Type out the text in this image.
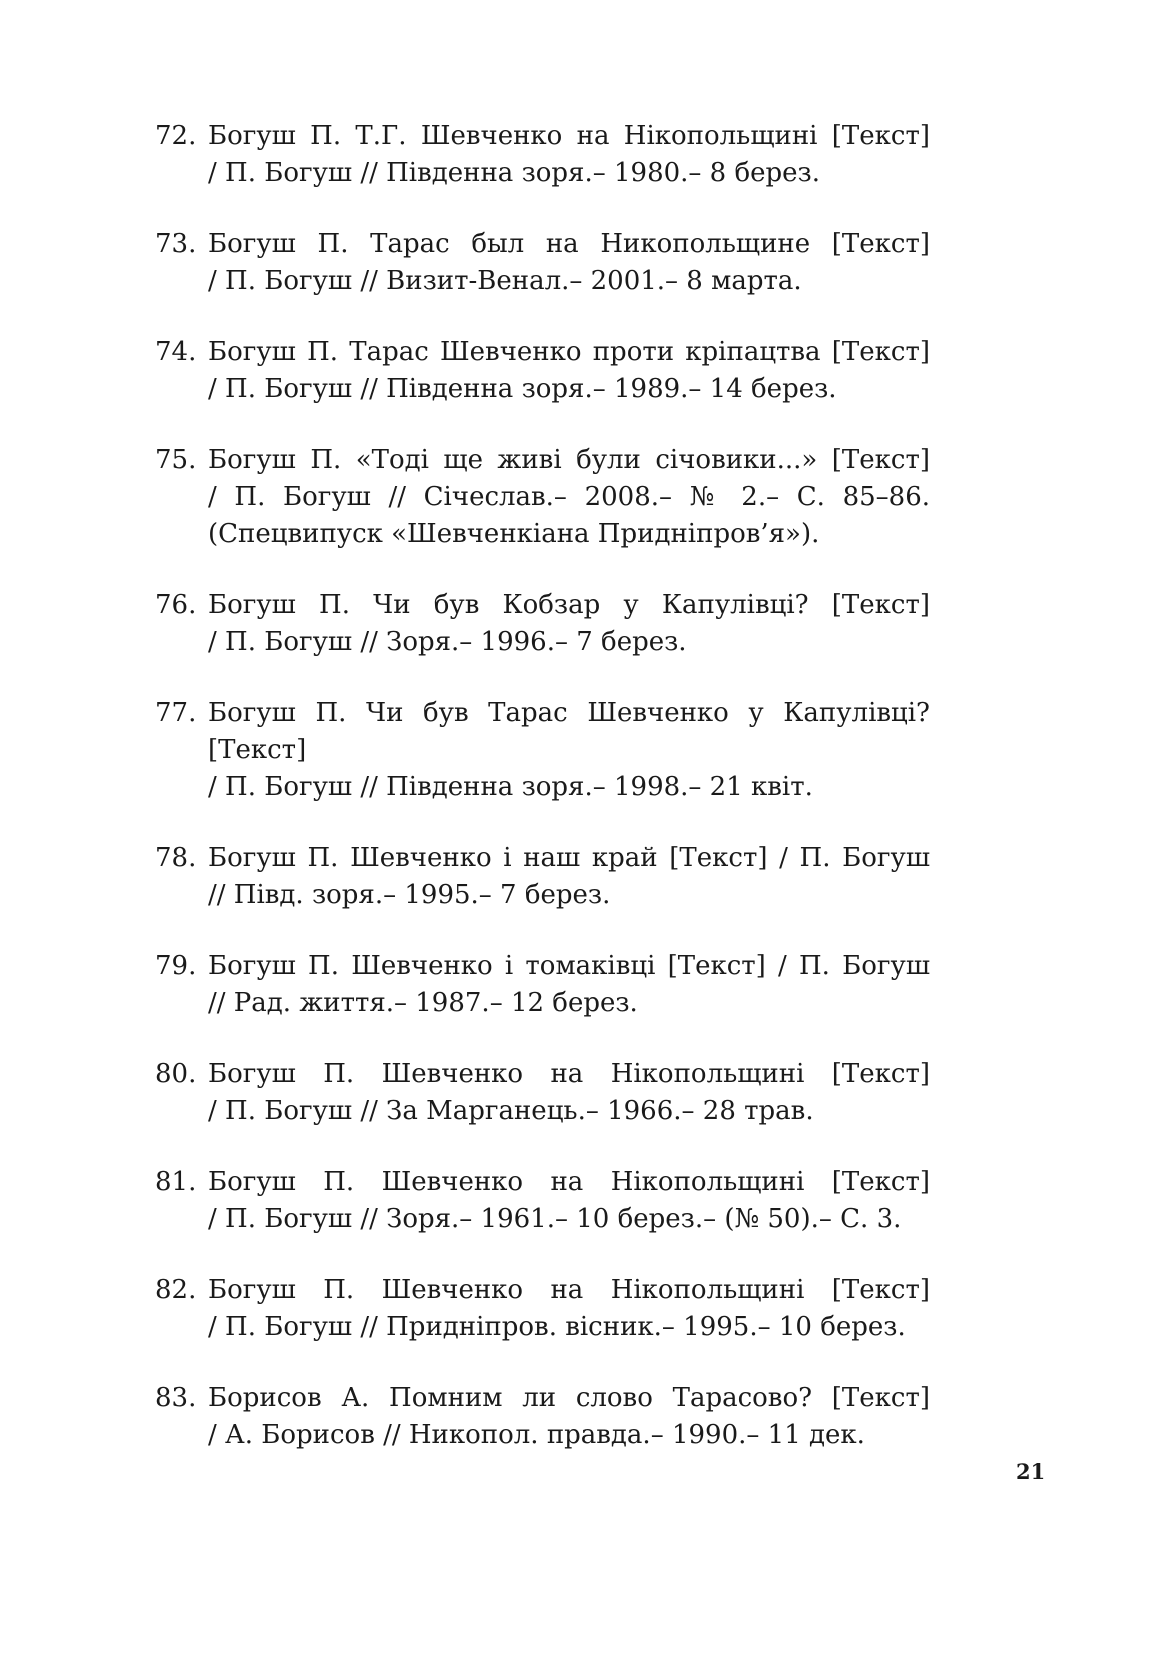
72. Богуш П. Т.Г. Шевченко на Нікопольщині [Текст]
/ П. Богуш // Південна зоря.– 1980.– 8 берез.
73. Богуш П. Тарас был на Никопольщине [Текст]
/ П. Богуш // Визит-Венал.– 2001.– 8 марта.
74. Богуш П. Тарас Шевченко проти кріпацтва [Текст]
/ П. Богуш // Південна зоря.– 1989.– 14 берез.
75. Богуш П. «Тоді ще живі були січовики...» [Текст]
/ П. Богуш // Січеслав.– 2008.– № 2.– С. 85–86.
(Спецвипуск «Шевченкіана Придніпров’я»).
76. Богуш П. Чи був Кобзар у Капулівці? [Текст]
/ П. Богуш // Зоря.– 1996.– 7 берез.
77. Богуш П. Чи був Тарас Шевченко у Капулівці? [Текст]
/ П. Богуш // Південна зоря.– 1998.– 21 квіт.
78. Богуш П. Шевченко і наш край [Текст] / П. Богуш
// Півд. зоря.– 1995.– 7 берез.
79. Богуш П. Шевченко і томаківці [Текст] / П. Богуш
// Рад. життя.– 1987.– 12 берез.
80. Богуш П. Шевченко на Нікопольщині [Текст]
/ П. Богуш // За Марганець.– 1966.– 28 трав.
81. Богуш П. Шевченко на Нікопольщині [Текст]
/ П. Богуш // Зоря.– 1961.– 10 берез.– (№ 50).– С. 3.
82. Богуш П. Шевченко на Нікопольщині [Текст]
/ П. Богуш // Придніпров. вісник.– 1995.– 10 берез.
83. Борисов А. Помним ли слово Тарасово? [Текст]
/ А. Борисов // Никопол. правда.– 1990.– 11 дек.
21
